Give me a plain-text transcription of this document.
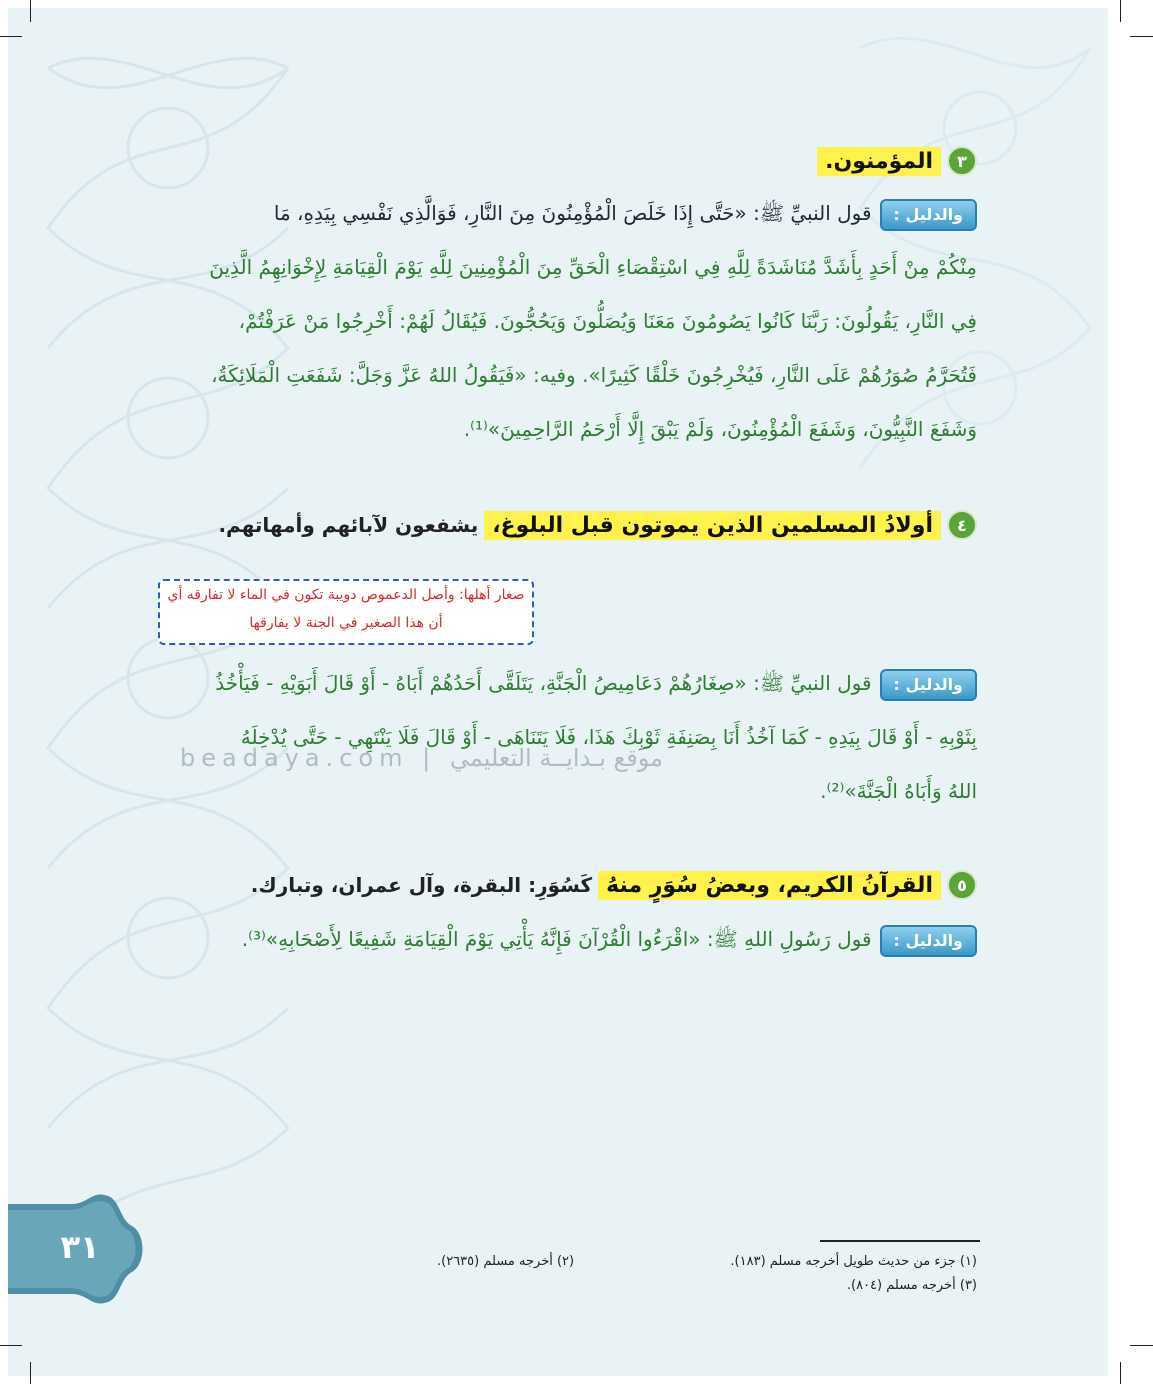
٣
المؤمنون.
والدليل :قول النبيِّ ﷺ: «حَتَّى إِذَا خَلَصَ الْمُؤْمِنُونَ مِنَ النَّارِ، فَوَالَّذِي نَفْسِي بِيَدِهِ، مَا
مِنْكُمْ مِنْ أَحَدٍ بِأَشَدَّ مُنَاشَدَةً لِلَّهِ فِي اسْتِقْصَاءِ الْحَقِّ مِنَ الْمُؤْمِنِينَ لِلَّهِ يَوْمَ الْقِيَامَةِ لِإِخْوَانِهِمُ الَّذِينَ
فِي النَّارِ، يَقُولُونَ: رَبَّنَا كَانُوا يَصُومُونَ مَعَنَا وَيُصَلُّونَ وَيَحُجُّونَ. فَيُقَالُ لَهُمْ: أَخْرِجُوا مَنْ عَرَفْتُمْ،
فَتُحَرَّمُ صُوَرُهُمْ عَلَى النَّارِ، فَيُخْرِجُونَ خَلْقًا كَثِيرًا». وفيه: «فَيَقُولُ اللهُ عَزَّ وَجَلَّ: شَفَعَتِ الْمَلَائِكَةُ،
وَشَفَعَ النَّبِيُّونَ، وَشَفَعَ الْمُؤْمِنُونَ، وَلَمْ يَبْقَ إِلَّا أَرْحَمُ الرَّاحِمِينَ»⁽¹⁾.
٤
أولادُ المسلمين الذين يموتون قبل البلوغ،
يشفعون لآبائهم وأمهاتهم.
صغار أهلها: وأصل الدعموص دويبة تكون في الماء لا تفارقه أي أن هذا الصغير في الجنة لا يفارقها
والدليل :قول النبيِّ ﷺ: «صِغَارُهُمْ دَعَامِيصُ الْجَنَّةِ، يَتَلَقَّى أَحَدُهُمْ أَبَاهُ - أَوْ قَالَ أَبَوَيْهِ - فَيَأْخُذُ
بِثَوْبِهِ - أَوْ قَالَ بِيَدِهِ - كَمَا آخُذُ أَنَا بِصَنِفَةِ ثَوْبِكَ هَذَا، فَلَا يَتَنَاهَى - أَوْ قَالَ فَلَا يَنْتَهِي - حَتَّى يُدْخِلَهُ
اللهُ وَأَبَاهُ الْجَنَّةَ»⁽²⁾.
beadaya.com | موقع بـدايــة التعليمي
٥
القرآنُ الكريم، وبعضُ سُوَرٍ منهُ
كَسُوَرِ: البقرة، وآل عمران، وتبارك.
والدليل :قول رَسُولِ اللهِ ﷺ: «اقْرَءُوا الْقُرْآنَ فَإِنَّهُ يَأْتِي يَوْمَ الْقِيَامَةِ شَفِيعًا لِأَصْحَابِهِ»⁽³⁾.
٣١	(١) جزء من حديث طويل أخرجه مسلم (١٨٣).
(٢) أخرجه مسلم (٢٦٣٥).
(٣) أخرجه مسلم (٨٠٤).
